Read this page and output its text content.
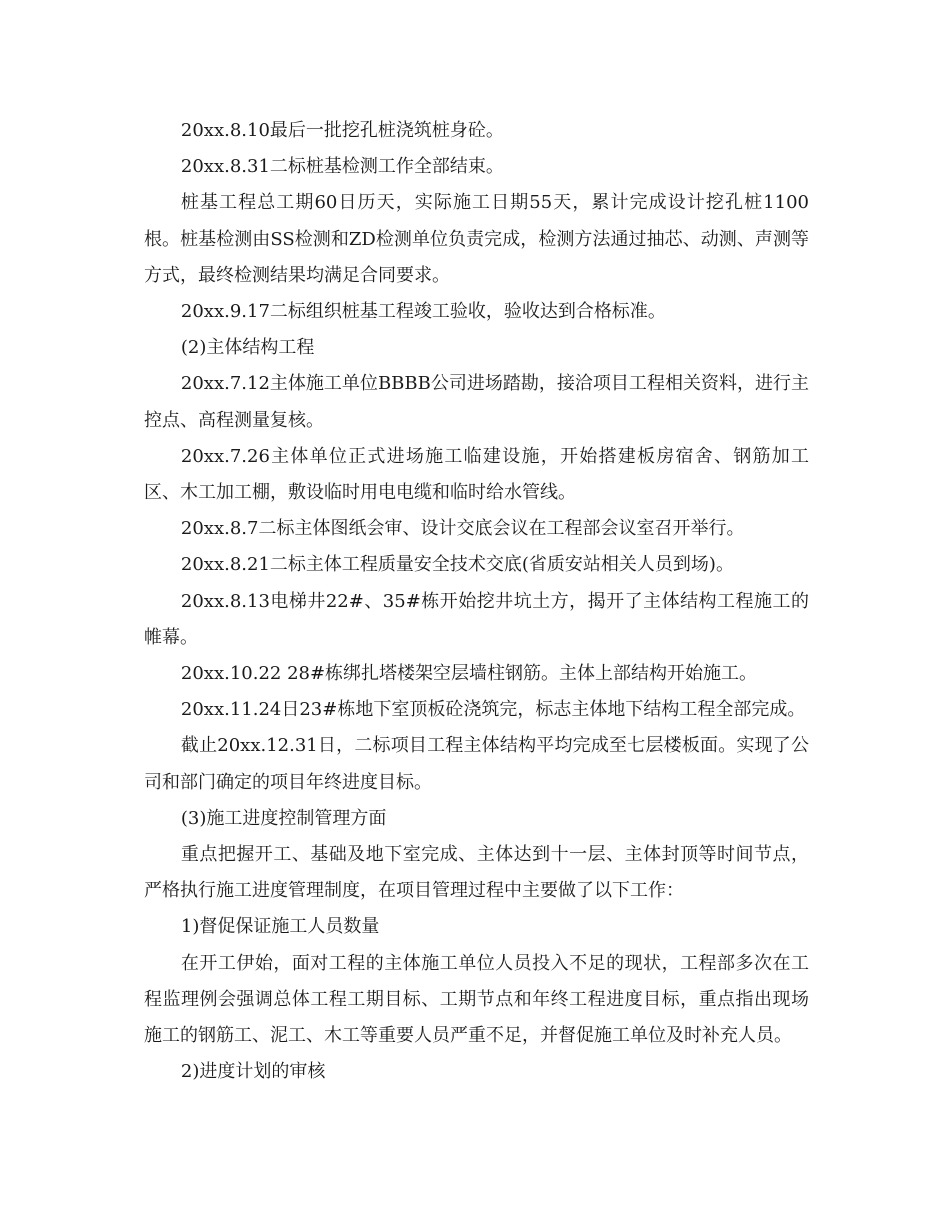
20xx.8.10最后一批挖孔桩浇筑桩身砼。

20xx.8.31二标桩基检测工作全部结束。

桩基工程总工期60日历天，实际施工日期55天，累计完成设计挖孔桩1100根。桩基检测由SS检测和ZD检测单位负责完成，检测方法通过抽芯、动测、声测等方式，最终检测结果均满足合同要求。

20xx.9.17二标组织桩基工程竣工验收，验收达到合格标准。

(2)主体结构工程

20xx.7.12主体施工单位BBBB公司进场踏勘，接洽项目工程相关资料，进行主控点、高程测量复核。

20xx.7.26主体单位正式进场施工临建设施，开始搭建板房宿舍、钢筋加工区、木工加工棚，敷设临时用电电缆和临时给水管线。

20xx.8.7二标主体图纸会审、设计交底会议在工程部会议室召开举行。

20xx.8.21二标主体工程质量安全技术交底(省质安站相关人员到场)。

20xx.8.13电梯井22#、35#栋开始挖井坑土方，揭开了主体结构工程施工的帷幕。

20xx.10.22 28#栋绑扎塔楼架空层墙柱钢筋。主体上部结构开始施工。

20xx.11.24日23#栋地下室顶板砼浇筑完，标志主体地下结构工程全部完成。

截止20xx.12.31日，二标项目工程主体结构平均完成至七层楼板面。实现了公司和部门确定的项目年终进度目标。

(3)施工进度控制管理方面

重点把握开工、基础及地下室完成、主体达到十一层、主体封顶等时间节点，严格执行施工进度管理制度，在项目管理过程中主要做了以下工作：

1)督促保证施工人员数量

在开工伊始，面对工程的主体施工单位人员投入不足的现状，工程部多次在工程监理例会强调总体工程工期目标、工期节点和年终工程进度目标，重点指出现场施工的钢筋工、泥工、木工等重要人员严重不足，并督促施工单位及时补充人员。

2)进度计划的审核
